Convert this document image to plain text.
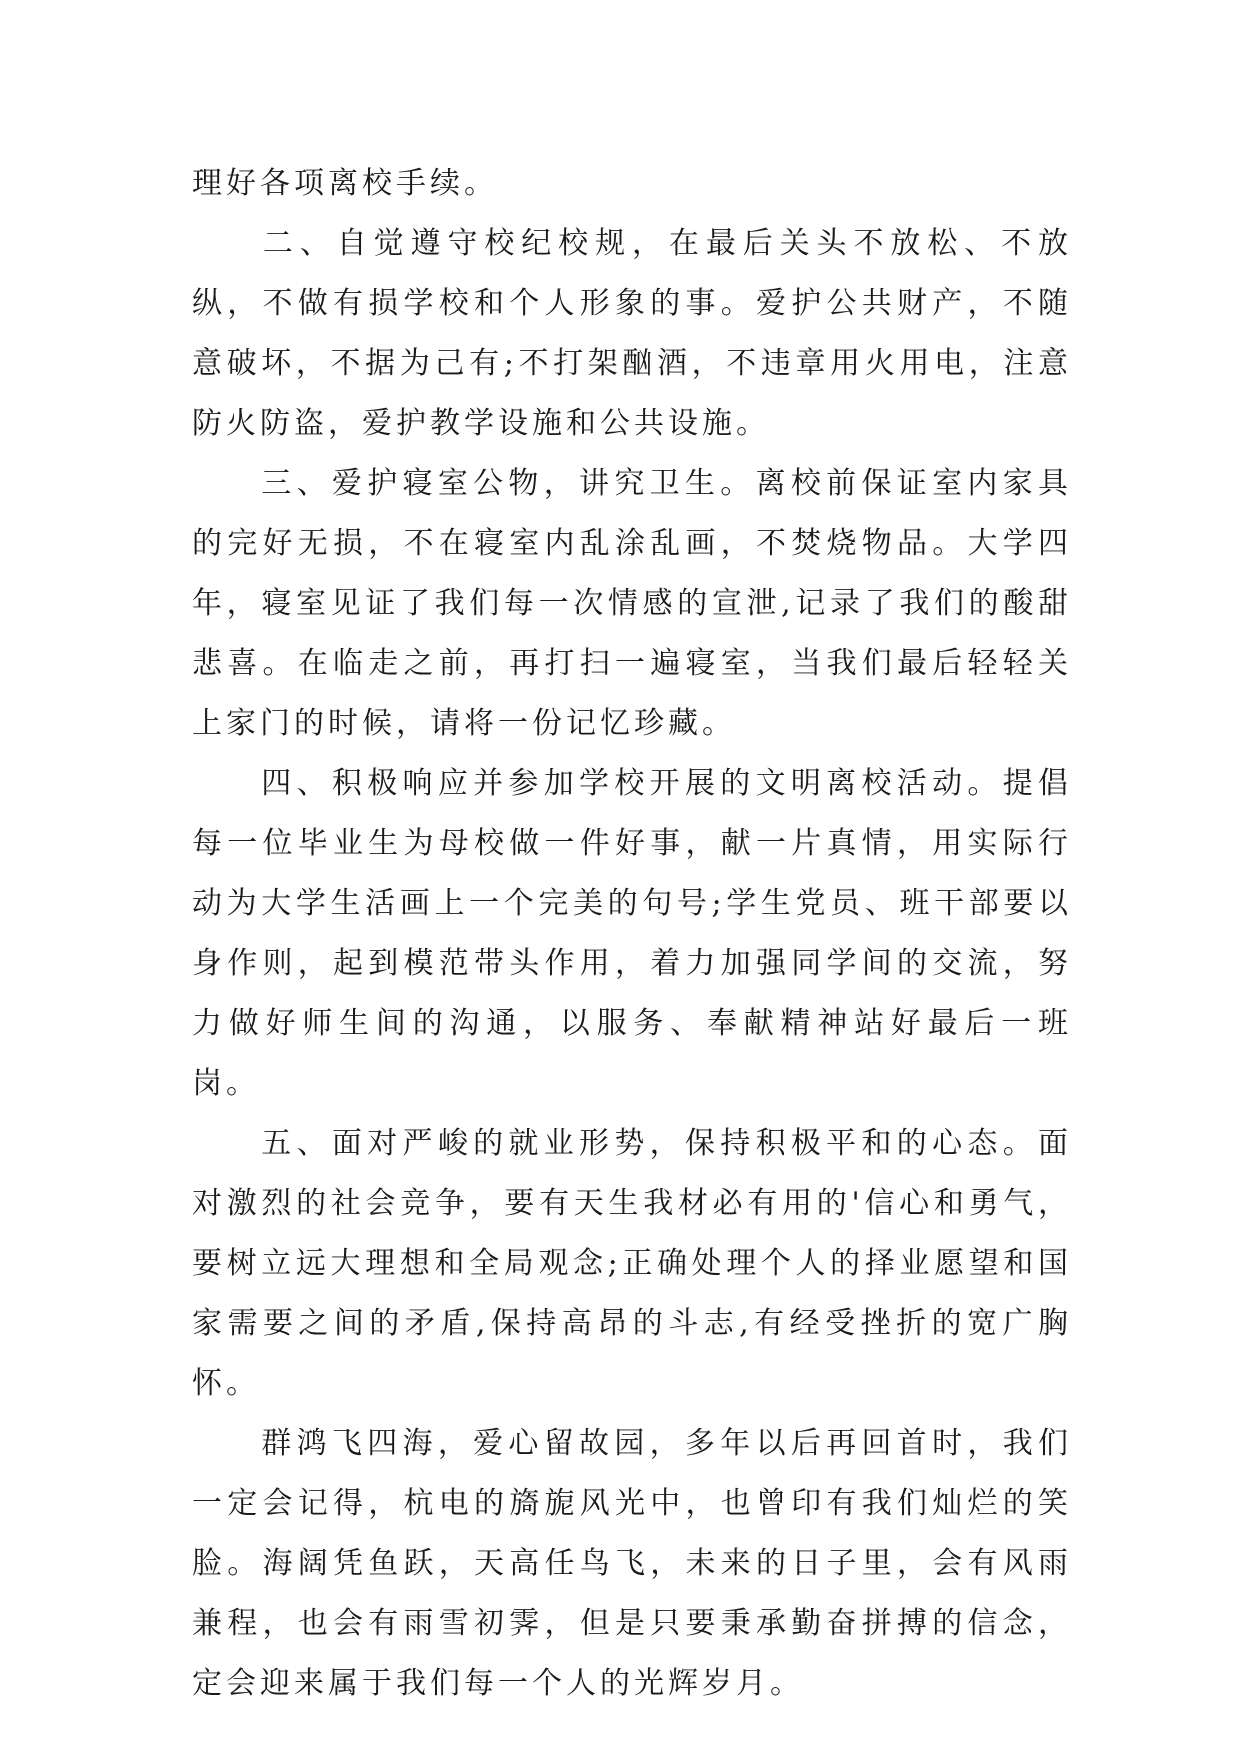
理好各项离校手续。

二、自觉遵守校纪校规，在最后关头不放松、不放纵，不做有损学校和个人形象的事。爱护公共财产，不随意破坏，不据为己有;不打架酗酒，不违章用火用电，注意防火防盗，爱护教学设施和公共设施。

三、爱护寝室公物，讲究卫生。离校前保证室内家具的完好无损，不在寝室内乱涂乱画，不焚烧物品。大学四年，寝室见证了我们每一次情感的宣泄,记录了我们的酸甜悲喜。在临走之前，再打扫一遍寝室，当我们最后轻轻关上家门的时候，请将一份记忆珍藏。

四、积极响应并参加学校开展的文明离校活动。提倡每一位毕业生为母校做一件好事，献一片真情，用实际行动为大学生活画上一个完美的句号;学生党员、班干部要以身作则，起到模范带头作用，着力加强同学间的交流，努力做好师生间的沟通，以服务、奉献精神站好最后一班岗。

五、面对严峻的就业形势，保持积极平和的心态。面对激烈的社会竞争，要有天生我材必有用的'信心和勇气，要树立远大理想和全局观念;正确处理个人的择业愿望和国家需要之间的矛盾,保持高昂的斗志,有经受挫折的宽广胸怀。

群鸿飞四海，爱心留故园，多年以后再回首时，我们一定会记得，杭电的旖旎风光中，也曾印有我们灿烂的笑脸。海阔凭鱼跃，天高任鸟飞，未来的日子里，会有风雨兼程，也会有雨雪初霁，但是只要秉承勤奋拼搏的信念，定会迎来属于我们每一个人的光辉岁月。
